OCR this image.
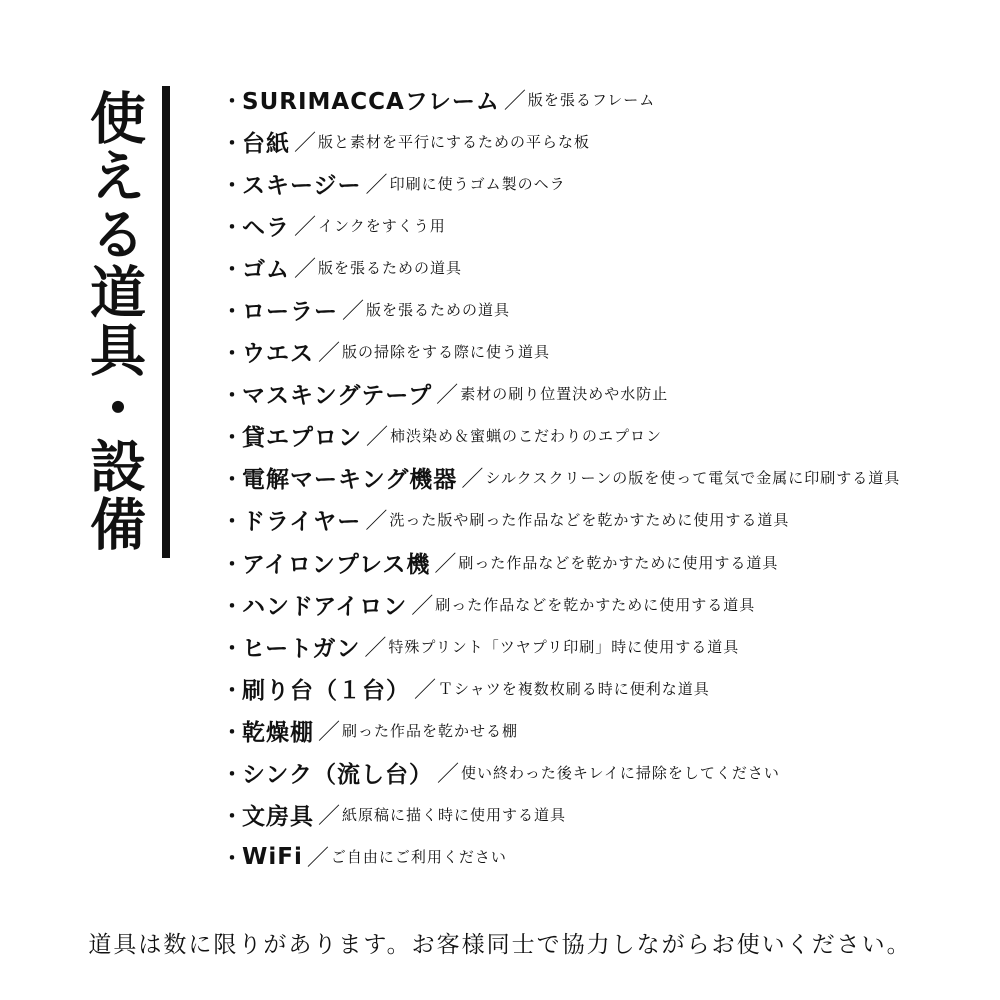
使える道具・設備	・ SURIMACCAフレーム ／ 版を張るフレーム
・ 台紙 ／ 版と素材を平行にするための平らな板
・ スキージー ／ 印刷に使うゴム製のヘラ
・ ヘラ ／ インクをすくう用
・ ゴム ／ 版を張るための道具
・ ローラー ／ 版を張るための道具
・ ウエス ／ 版の掃除をする際に使う道具
・ マスキングテープ ／ 素材の刷り位置決めや水防止
・ 貸エプロン ／ 柿渋染め＆蜜蝋のこだわりのエプロン
・ 電解マーキング機器 ／ シルクスクリーンの版を使って電気で金属に印刷する道具
・ ドライヤー ／ 洗った版や刷った作品などを乾かすために使用する道具
・ アイロンプレス機 ／ 刷った作品などを乾かすために使用する道具
・ ハンドアイロン ／ 刷った作品などを乾かすために使用する道具
・ ヒートガン ／ 特殊プリント「ツヤプリ印刷」時に使用する道具
・ 刷り台（１台） ／ Ｔシャツを複数枚刷る時に便利な道具
・ 乾燥棚 ／ 刷った作品を乾かせる棚
・ シンク（流し台） ／ 使い終わった後キレイに掃除をしてください
・ 文房具 ／ 紙原稿に描く時に使用する道具
・ WiFi ／ ご自由にご利用ください
道具は数に限りがあります。お客様同士で協力しながらお使いください。
